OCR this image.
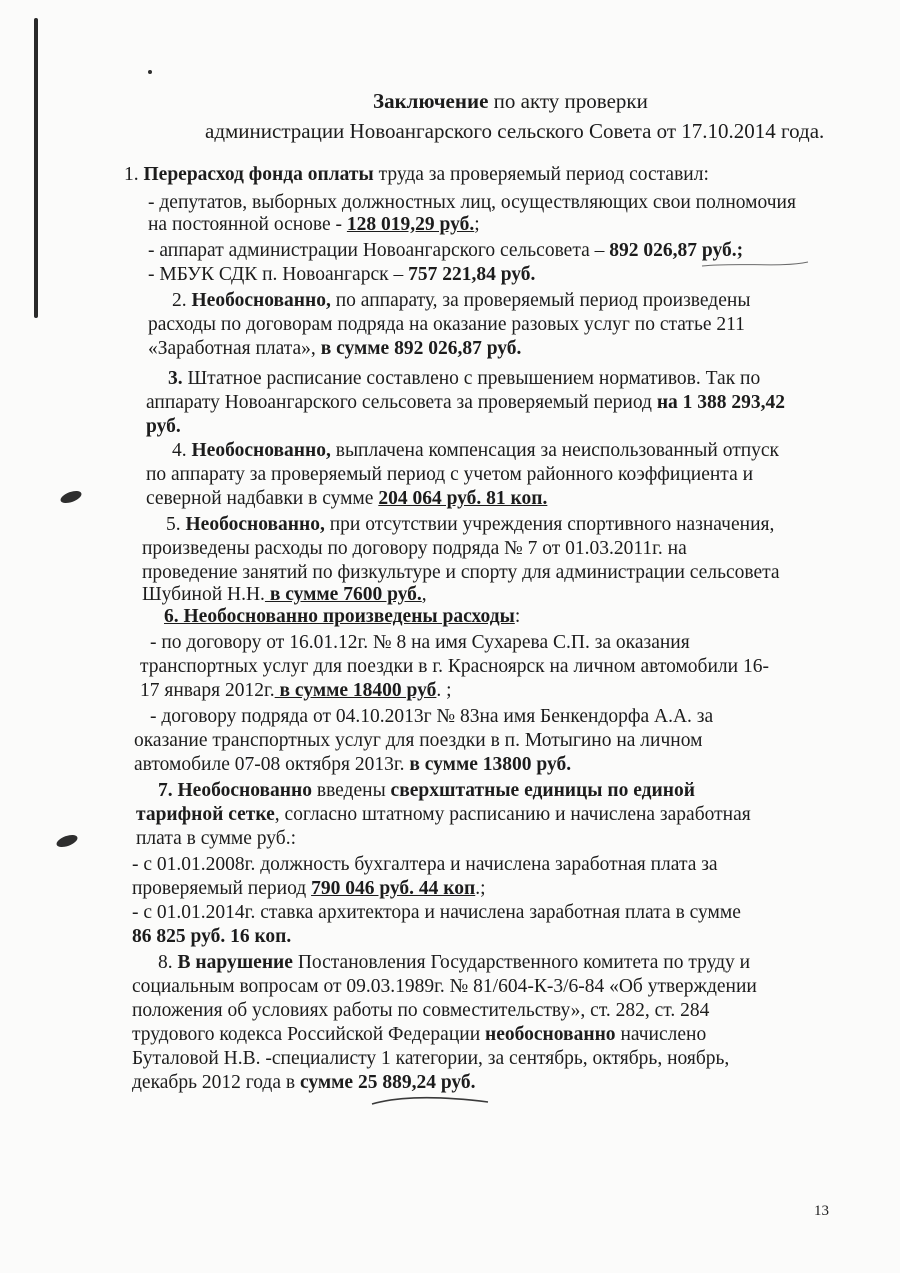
Заключение по акту проверки
администрации Новоангарского сельского Совета от 17.10.2014 года.
1. Перерасход фонда оплаты труда за проверяемый период составил:
- депутатов, выборных должностных лиц, осуществляющих свои полномочия
на постоянной основе - 128 019,29 руб.;
- аппарат администрации Новоангарского сельсовета – 892 026,87 руб.;
- МБУК СДК п. Новоангарск – 757 221,84 руб.
2. Необоснованно, по аппарату, за проверяемый период произведены
расходы по договорам подряда на оказание разовых услуг по статье 211
«Заработная плата», в сумме 892 026,87 руб.
3. Штатное расписание составлено с превышением нормативов. Так по
аппарату Новоангарского сельсовета за проверяемый период на 1 388 293,42
руб.
4. Необоснованно, выплачена компенсация за неиспользованный отпуск
по аппарату за проверяемый период с учетом районного коэффициента и
северной надбавки в сумме 204 064 руб. 81 коп.
5. Необоснованно, при отсутствии учреждения спортивного назначения,
произведены расходы по договору подряда № 7 от 01.03.2011г. на
проведение занятий по физкультуре и спорту для администрации сельсовета
Шубиной Н.Н. в сумме 7600 руб.,
6. Необоснованно произведены расходы:
- по договору от 16.01.12г. № 8 на имя Сухарева С.П. за оказания
транспортных услуг для поездки в г. Красноярск на личном автомобили 16-
17 января 2012г. в сумме 18400 руб. ;
- договору подряда от 04.10.2013г № 83на имя Бенкендорфа А.А. за
оказание транспортных услуг для поездки в п. Мотыгино на личном
автомобиле 07-08 октября 2013г. в сумме 13800 руб.
7. Необоснованно введены сверхштатные единицы по единой
тарифной сетке, согласно штатному расписанию и начислена заработная
плата в сумме руб.:
- с 01.01.2008г. должность бухгалтера и начислена заработная плата за
проверяемый период 790 046 руб. 44 коп.;
- с 01.01.2014г. ставка архитектора и начислена заработная плата в сумме
86 825 руб. 16 коп.
8. В нарушение Постановления Государственного комитета по труду и
социальным вопросам от 09.03.1989г. № 81/604-К-3/6-84 «Об утверждении
положения об условиях работы по совместительству», ст. 282, ст. 284
трудового кодекса Российской Федерации необоснованно начислено
Буталовой Н.В. -специалисту 1 категории, за сентябрь, октябрь, ноябрь,
декабрь 2012 года в сумме 25 889,24 руб.
13
